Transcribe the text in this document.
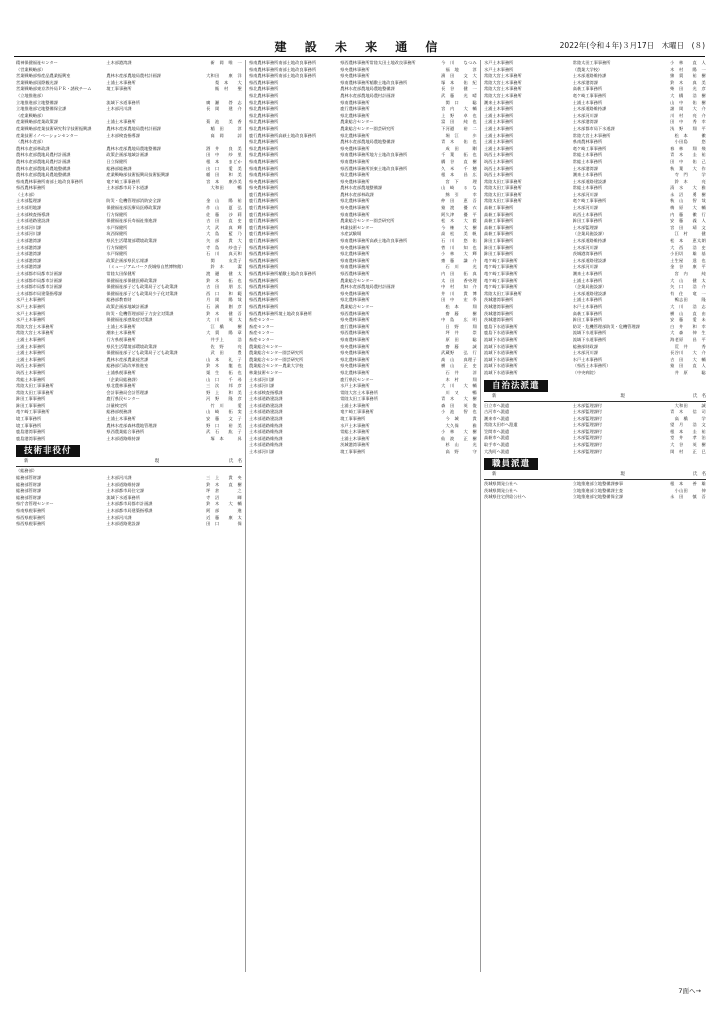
建 設 未 来 通 信	2022年(令和４年)３月17日　木曜日　(８)
精神保健福祉センター	土木部港湾課	新　岡　唯　一
（営業戦略部）
営業戦略部県産品農業振興室	農林水産部農地局農村計画課	大和田　　康　洋
営業戦略部国際観光課	土浦土木事務所	梨　本　　大
営業戦略部東京渉外局ＰＲ・誘致チーム	境工事事務所	飯　村　　聖
（立地推進部）
立地推進部立地整備課	流域下水道事務所	廣　瀬　　啓　志
立地推進部宅地整備保全課	土木部河川課	長　岡　　建　介
（産業戦略部）
産業戦略部産業政策課	土浦土木事務所	菊　池　　美　香
産業戦略部産業技術研究科学技術振興課	農林水産部農地局農村計画課	稲　田　　　淳
産業技術イノベーションセンター	土木部検査指導課	髙　岡　　　諒
（農林水産部）
農林水産部林政課	農林水産部農地局農地整備課	酒　井　　良　美
農林水産部農地局農村計画課	政策企画部地域計画課	田　中　　紗　里
農林水産部農地局農村計画課	日立保健所	根　本　　まどか
農林水産部農地局農地整備課	総務部総務課	出　口　　愛　美
農林水産部農地局農地整備課	産業戦略部技術振興局技術振興課	稲　田　　和　美
県南農林事務所南部土地改良事務所	竜ケ崎工事事務所	宮　本　　康沙美
県西農林事務所	土木部都市局下水道課	大和田　　　暢
（土木部）
土木部監理課	防災・危機管理部消防安全課	金　山　　陽　祐
土木部用地課	保健福祉部医療局医療政策課	作　山　　夏　弘
土木部検査指導課	行方保健所	佐　藤　　沙　莉
土木部道路建設課	保健福祉部長寿福祉推進課	吉　田　　直　史
土木部河川課	水戸保健所	大　武　　真　輝
土木部河川課	筑西保健所	大　島　　藍　乃
土木部港湾課	県民生活環境部環境政策課	矢　部　　貴　大
土木部港湾課	行方保健所	寺　島　　紗也子
土木部港湾課	水戸保健所	石　川　　真天和
土木部港湾課	政策企画部県民広報課	関　　　友美子
土木部港湾課	（ミュージアムパーク茨城県自然博物館）	鈴　木　　　潔
土木部都市局都市計画課	常陸太田保健所	渡　邊　　健　太
土木部都市局都市計画課	保健福祉部保健医療政策課	鈴　木　　拓　也
土木部都市局都市計画課	保健福祉部子ども政策局子ども政策課	吉　田　　朋　広
土木部都市局建築指導課	保健福祉部子ども政策局少子化対策課	西　口　　和　範
水戸土木事務所	総務部教育財	月　岡　　陽　哉
水戸土木事務所	政策企画部地域計画課	石　濱　　創　彦
水戸土木事務所	防災・危機管理部原子力安全対策課	鈴　木　　健　吾
水戸土木事務所	保健福祉部感染症対策課	大　川　　英　太
常陸大宮土木事務所	土浦土木事務所	江　橋　　　樹
常陸大宮土木事務所	潮来土木事務所	大　貫　　陽　章
土浦土木事務所	行方県税事務所	井手上　　　浩
土浦土木事務所	県民生活環境部環境政策課	佐　野　　　亮
土浦土木事務所	保健福祉部子ども政策局子ども政策課	武　田　　　豊
土浦土木事務所	農林水産部農業経営課	山　本　　礼　子
筑西土木事務所	総務部行政改革推進室	鈴　木　　龍　也
筑西土木事務所	土浦県税事務所	栗　生　　拓　也
常総土木事務所	（企業局総務課）	山　口　　千　尋
常陸太田工事事務所	県北農林事務所	三　次　　邦　彦
常陸太田工事事務所	会計事務局会計管理課	野　上　　和　美
鉾田工事事務所	鹿行県民センター	河　野　　隆　彦
鉾田工事事務所	計量検定所	竹　川　　　愛
竜ケ崎工事事務所	総務部税務課	山　崎　　拓　実
境工事事務所	土浦土木事務所	安　藤　　文　子
境工事事務所	農林水産部森林農地管理課	野　口　　裕　美
鹿島港湾事務所	県西農業総合事務所	武　石　　紘　子
鹿島港湾事務所	土木部道路維持課	塚　本　　　昇
技術非役付
新	現	氏　名
（総務部）
総務部管財課	土木部河川課	三　上　　貴　央
総務部管財課	土木部道路維持課	鈴　木　　直　樹
総務部管財課	土木部都市局住宅課	坪　倉　　　　之
総務部管財課	流域下水道事務所	寺　沼　　　　暉
県庁舎管理センター	土木部都市局都市計画課	鈴　木　　大　輔
県南県税事務所	土木部都市局建築指導課	阿　部　　　　進
県西県税事務所	土木部河川課	近　藤　　康　太
県西県税事務所	土木部道路建設課	田　口　　　　保
県南農林事務所南部土地改良事務所	県西農林事務所常陸太田土地改良事務所	今　川　　なつみ
県南農林事務所南部土地改良事務所	県央農林事務所	福　地　　　淳
県南農林事務所南部土地改良事務所	県央農林事務所	濱　田　　文　大
県西農林事務所	県南農林事務所稲敷土地改良事務所	塚　本　　佑　紀
県北農林事務所	農林水産部農地局農地整備課	長　谷　　健　一
県北農林事務所	農林水産部農地局農村計画課	武　藤　　光　晴
県北農林事務所	県南農林事務所	関　口　　　聡
県北農林事務所	鹿行農林事務所	宮　内　　大　輔
県北農林事務所	県北農林事務所	上　野　　卓　也
県北農林事務所	農業総合センター	富　田　　純　也
県北農林事務所	農業総合センター園芸研究所	下河邉　　裕　二
鹿行農林事務所高萩土地改良事務所	県北農林事務所	堀　江　　　歩
県北農林事務所	農林水産部農地局農地整備課	青　木　　佑　也
県北農林事務所	県央農林事務所	成　田　　　剛
県北農林事務所	県南農林事務所地方土地改良事務所	千　葉　　拓　也
県南農林事務所	県南農林事務所	橋　谷　　直　樹
県南農林事務所	県西農林事務所茨東土地改良事務所	久　米　　千　穂
県南農林事務所	県北農林事務所	根　本　　昌　広
県央農林事務所	県央農林事務所	宮　下　　　理
県央農林事務所	農林水産部農地整備課	山　崎　　る　な
鹿行農林事務所	農林水産部林政課	綿　引　　　幸
鹿行農林事務所	県北農林事務所	仲　田　　恵　吾
鹿行農林事務所	県央農林事務所	猿　渡　　優　衣
鹿行農林事務所	県南農林事務所	阿久津　　優　平
鹿行農林事務所	農業総合センター園芸研究所	松　木　　大　毅
鹿行農林事務所	林業技術センター	今　権　　大　樹
鹿行農林事務所	水産試験場	高　松　　美　帆
鹿行農林事務所	県南農林事務所高萩土地改良事務所	石　川　　悠　佑
県西農林事務所	県央農林事務所	菅　川　　知　也
県西農林事務所	県北農林事務所	小　林　　大　輝
県西農林事務所	県南農林事務所	齋　藤　　謙　介
県西農林事務所	県南農林事務所	石　川　　　光
県西農林事務所稲敷土地改良事務所	県西農林事務所	内　田　　拓　真
県西農林事務所	農業総合センター	太　田　　香央理
県西農林事務所	農林水産部農地局農村計画課	中　村　　知　介
県西農林事務所	県央農林事務所	井　川　　貴　博
県西農林事務所	県北農林事務所	田　中　　宏　季
県西農林事務所	農業総合センター	松　本　　　翔
県西農林事務所境土地改良事務所	県西農林事務所	齋　藤　　　樹
畜産センター	県央農林事務所	中　島　　広　明
畜産センター	鹿行農林事務所	日　野　　　翔
畜産センター	県西農林事務所	坪　井　　　崇
畜産センター	県南農林事務所	原　田　　　聡
農業総合センター	県央農林事務所	齋　藤　　　誠
農業総合センター園芸研究所	県央農林事務所	武蔵野　　弘　行
農業総合センター園芸研究所	県北農林事務所	髙　山　　真理子
農業総合センター農業大学校	県央農林事務所	横　山　　正　史
林業技術センター	県北農林事務所	石　井　　　涼
土木部河川課	鹿行県民センター	木　村　　　翔
土木部河川課	水戸土木事務所	大　川　　大　輔
土木部検査指導課	常陸大宮土木事務所	川　又　　　暢
土木部道路建設課	常陸太田工事事務所	青　木　　大　樹
土木部道路建設課	土浦土木事務所	森　田　　英　俊
土木部道路建設課	竜ケ崎工事事務所	小　池　　智　也
土木部道路建設課	境工事事務所	今　城　　　貴
土木部道路維持課	水戸土木事務所	大久保　　　雅
土木部道路維持課	常総土木事務所	小　林　　大　樹
土木部道路維持課	土浦土木事務所	仙　波　　正　樹
土木部道路維持課	茨城港湾事務所	杉　山　　　光
土木部河川課	境工事事務所	高　野　　　守
水戸土木事務所	常陸太田工事事務所	小　林　　直　人
水戸土木事務所	（農業大学校）	木　村　　陽　一
常陸大宮土木事務所	土木部道路維持課	綿　貫　　祐　樹
常陸大宮土木事務所	土木部港湾課	鈴　木　　真　美
常陸大宮土木事務所	高萩工事事務所	柴　田　　光　彦
常陸大宮土木事務所	竜ケ崎工事事務所	大　橋　　浩　樹
潮来土木事務所	土浦土木事務所	山　中　　佑　樹
土浦土木事務所	土木部道路維持課	諸　岡　　大　介
土浦土木事務所	土木部河川課	川　村　　亮　介
土浦土木事務所	土木部港湾課	田　中　　秀　幸
土浦土木事務所	土木部都市局下水道課	浅　野　　翔　平
土浦土木事務所	常陸大宮土木事務所	松　本　　　徹
土浦土木事務所	県南農林事務所	小田島　　　悠
土浦土木事務所	竜ケ崎工事事務所	春　林　　翔　飛
筑西土木事務所	常総土木事務所	青　木　　圭　祐
筑西土木事務所	常総土木事務所	田　中　　佑　己
筑西土木事務所	土木部港湾課	秋　葉　　大　作
筑西土木事務所	潮来土木事務所	寺　門　　　学
常陸太田工事事務所	土木部道路建設課	鈴　木　　　亮
常陸太田工事事務所	常総土木事務所	清　水　　大　雅
常陸太田工事事務所	土木部河川課	永　沼　　勇　樹
常陸太田工事事務所	竜ケ崎工事事務所	秋　山　　智　哉
高萩工事事務所	土木部河川課	梅　原　　大　輔
高萩工事事務所	筑西土木事務所	内　藤　　徹　行
高萩工事事務所	鉾田工事事務所	安　藤　　義　人
高萩工事事務所	土木部監理課	宮　田　　靖　文
高萩工事事務所	（企業局施設課）	江　村　　　健
鉾田工事事務所	土木部道路維持課	松　本　　恵太朗
鉾田工事事務所	土木部河川課	大　西　　浩　史
鉾田工事事務所	茨城港湾事務所	小田切　　雄　基
竜ケ崎工事事務所	土木部道路建設課	土生屋　　達　也
竜ケ崎工事事務所	土木部河川課	金　谷　　康　平
竜ケ崎工事事務所	潮来土木事務所	宮　内　　　純
竜ケ崎工事事務所	土浦土木事務所	大　山　　健　太
竜ケ崎工事事務所	（企業局施設課）	矢　口　　浩　介
常陸太田工事事務所	土木部道路建設課	有　住　　竜　一
茨城港湾事務所	土浦土木事務所	鴨志田　　　隆
茨城港湾事務所	水戸土木事務所	大　川　　浩　志
茨城港湾事務所	高萩工事事務所	横　山　　直　由
茨城港湾事務所	鉾田工事事務所	安　藤　　愛　未
鹿島下水道事務所	防災・危機管理部防災・危機管理課	白　井　　和　幸
鹿島下水道事務所	流域下水道事務所	大　森　　伸　生
流域下水道事務所	流域下水道事務所	海老原　　昌　平
流域下水道事務所	総務部財政課	荒　井　　　秀
流域下水道事務所	土木部河川課	長谷川　　大　介
流域下水道事務所	水戸土木事務所	吉　田　　大　輔
流域下水道事務所	（県西土木事務所）	猿　田　　直　人
流域下水道事務所	（中央病院）	井　原　　　聡
自治法派遣
新	現	氏　名
日立市へ派遣	土木部監理課付	大和田　　　誠
古河市へ派遣	土木部監理課付	青　木　　信　司
潮来市へ派遣	土木部監理課付	高　橋　　　学
常陸太田市へ派遣	土木部監理課付	望　月　　浩　文
笠間市へ派遣	土木部監理課付	根　本　　圭　祐
高萩市へ派遣	土木部監理課付	堂　井　　孝　治
取手市へ派遣	土木部監理課付	大　谷　　英　樹
大洗町へ派遣	土木部監理課付	岡　村　　正　巳
職員派遣
新	現	氏　名
茨城県開発公社へ	立地推進部立地整備課参事	根　本　　善　雄
茨城県開発公社へ	立地推進部立地整備課主査	小山田　　　伸
茨城県住宅供給公社へ	立地推進部宅地整備保全課	永　田　　慎　吾
7面へ→
